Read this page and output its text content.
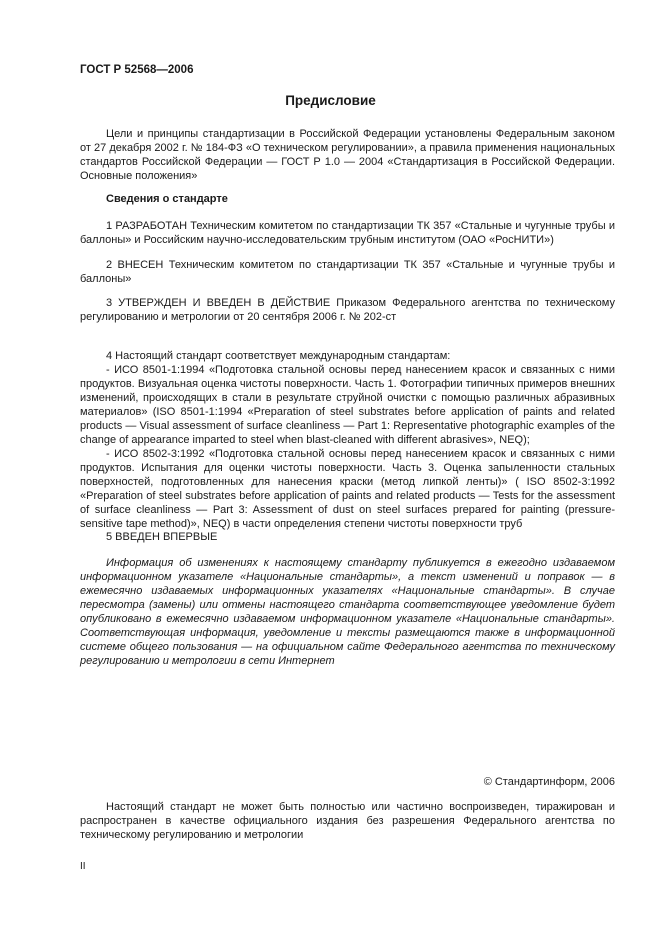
ГОСТ Р 52568—2006
Предисловие

Цели и принципы стандартизации в Российской Федерации установлены Федеральным законом от 27 декабря 2002 г. № 184-ФЗ «О техническом регулировании», а правила применения национальных стандартов Российской Федерации — ГОСТ Р 1.0 — 2004 «Стандартизация в Российской Федерации. Основные положения»

Сведения о стандарте

1 РАЗРАБОТАН Техническим комитетом по стандартизации ТК 357 «Стальные и чугунные трубы и баллоны» и Российским научно-исследовательским трубным институтом (ОАО «РосНИТИ»)

2 ВНЕСЕН Техническим комитетом по стандартизации ТК 357 «Стальные и чугунные трубы и баллоны»

3 УТВЕРЖДЕН И ВВЕДЕН В ДЕЙСТВИЕ Приказом Федерального агентства по техническому регулированию и метрологии от 20 сентября 2006 г. № 202-ст

4 Настоящий стандарт соответствует международным стандартам:

- ИСО 8501-1:1994 «Подготовка стальной основы перед нанесением красок и связанных с ними продуктов. Визуальная оценка чистоты поверхности. Часть 1. Фотографии типичных примеров внешних изменений, происходящих в стали в результате струйной очистки с помощью различных абразивных материалов» (ISO 8501-1:1994 «Preparation of steel substrates before application of paints and related products — Visual assessment of surface cleanliness — Part 1: Representative photographic examples of the change of appearance imparted to steel when blast-cleaned with different abrasives», NEQ);

- ИСО 8502-3:1992 «Подготовка стальной основы перед нанесением красок и связанных с ними продуктов. Испытания для оценки чистоты поверхности. Часть 3. Оценка запыленности стальных поверхностей, подготовленных для нанесения краски (метод липкой ленты)» ( ISO 8502-3:1992 «Preparation of steel substrates before application of paints and related products — Tests for the assessment of surface cleanliness — Part 3: Assessment of dust on steel surfaces prepared for painting (pressure-sensitive tape method)», NEQ) в части определения степени чистоты поверхности труб

5 ВВЕДЕН ВПЕРВЫЕ

Информация об изменениях к настоящему стандарту публикуется в ежегодно издаваемом информационном указателе «Национальные стандарты», а текст изменений и поправок — в ежемесячно издаваемых информационных указателях «Национальные стандарты». В случае пересмотра (замены) или отмены настоящего стандарта соответствующее уведомление будет опубликовано в ежемесячно издаваемом информационном указателе «Национальные стандарты». Соответствующая информация, уведомление и тексты размещаются также в информационной системе общего пользования — на официальном сайте Федерального агентства по техническому регулированию и метрологии в сети Интернет

© Стандартинформ, 2006

Настоящий стандарт не может быть полностью или частично воспроизведен, тиражирован и распространен в качестве официального издания без разрешения Федерального агентства по техническому регулированию и метрологии

II
